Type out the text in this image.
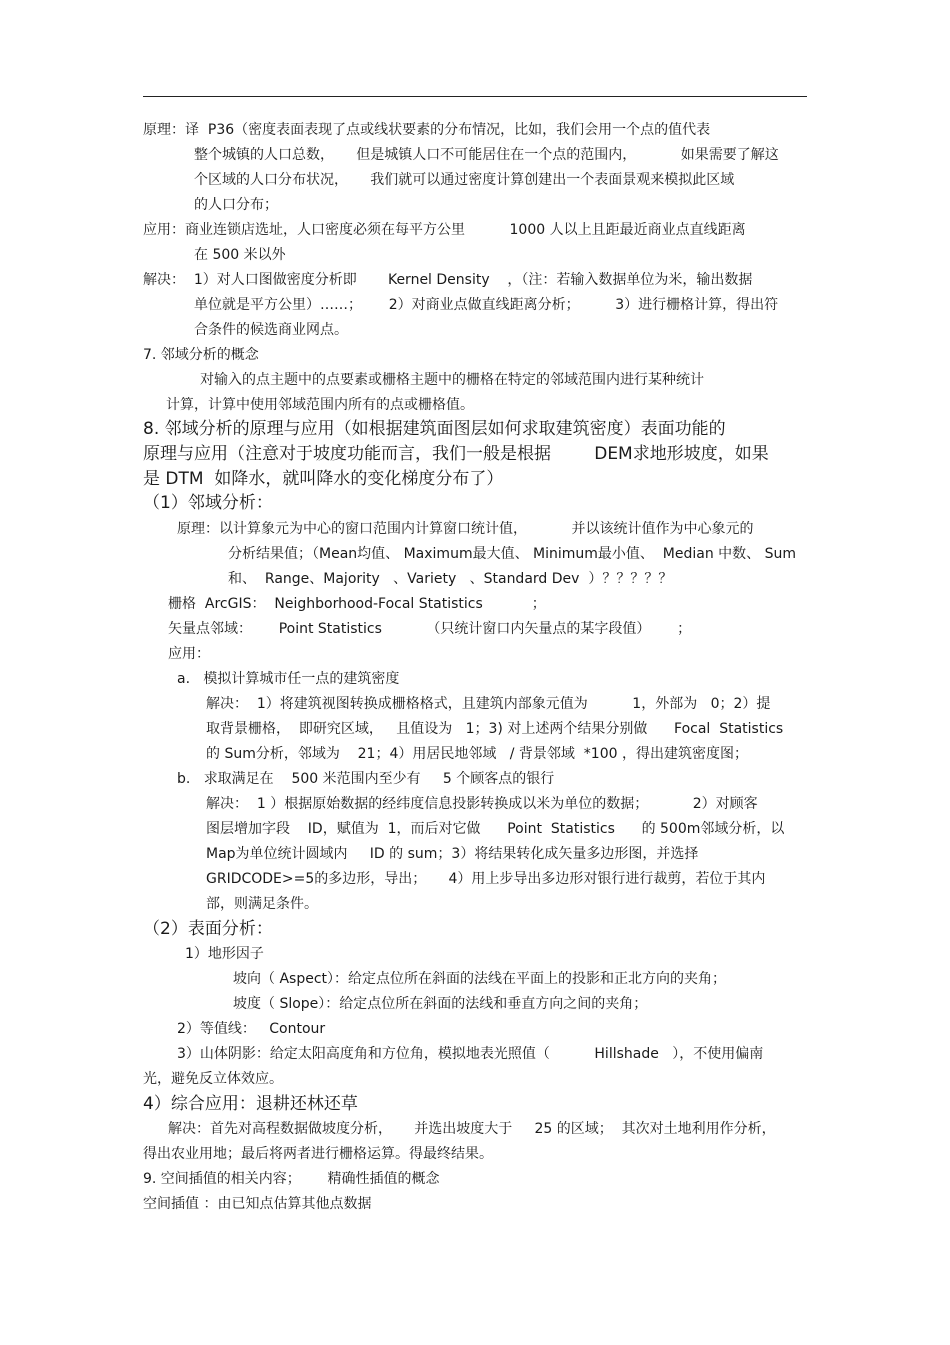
原理：译  P36（密度表面表现了点或线状要素的分布情况，比如，我们会用一个点的值代表
整个城镇的人口总数，     但是城镇人口不可能居住在一个点的范围内，          如果需要了解这
个区域的人口分布状况，     我们就可以通过密度计算创建出一个表面景观来模拟此区域
的人口分布；
应用：商业连锁店选址，人口密度必须在每平方公里          1000 人以上且距最近商业点直线距离
在 500 米以外
解决：  1）对人口图做密度分析即       Kernel Density    ，（注：若输入数据单位为米，输出数据
单位就是平方公里）……；      2）对商业点做直线距离分析；        3）进行栅格计算，得出符
合条件的候选商业网点。
7. 邻域分析的概念
对输入的点主题中的点要素或栅格主题中的栅格在特定的邻域范围内进行某种统计
计算，计算中使用邻域范围内所有的点或栅格值。
8. 邻域分析的原理与应用（如根据建筑面图层如何求取建筑密度）表面功能的
原理与应用（注意对于坡度功能而言，我们一般是根据        DEM求地形坡度，如果
是 DTM  如降水，就叫降水的变化梯度分布了）
（1）邻域分析：
原理：以计算象元为中心的窗口范围内计算窗口统计值，          并以该统计值作为中心象元的
分析结果值；（Mean均值、 Maximum最大值、 Minimum最小值、  Median 中数、 Sum
和、  Range、Majority   、Variety   、Standard Dev  ）？？？？？
栅格  ArcGIS：  Neighborhood-Focal Statistics           ；
矢量点邻域：      Point Statistics          （只统计窗口内矢量点的某字段值）      ；
应用：
a.   模拟计算城市任一点的建筑密度
解决：  1）将建筑视图转换成栅格格式，且建筑内部象元值为          1，外部为   0；2）提
取背景栅格，  即研究区域，   且值设为   1；3) 对上述两个结果分别做      Focal  Statistics
的 Sum分析，邻域为    21；4）用居民地邻域   / 背景邻域  *100 ，得出建筑密度图；
b.   求取满足在    500 米范围内至少有     5 个顾客点的银行
解决：  1 ）根据原始数据的经纬度信息投影转换成以米为单位的数据；          2）对顾客
图层增加字段    ID，赋值为  1，而后对它做      Point  Statistics      的 500m邻域分析，以
Map为单位统计圆域内     ID 的 sum；3）将结果转化成矢量多边形图，并选择
GRIDCODE>=5的多边形，导出；     4）用上步导出多边形对银行进行裁剪，若位于其内
部，则满足条件。
（2）表面分析：
1）地形因子
坡向（ Aspect）：给定点位所在斜面的法线在平面上的投影和正北方向的夹角；
坡度（ Slope）：给定点位所在斜面的法线和垂直方向之间的夹角；
2）等值线：   Contour
3）山体阴影：给定太阳高度角和方位角，模拟地表光照值（          Hillshade   ），不使用偏南
光，避免反立体效应。
4）综合应用：退耕还林还草
解决：首先对高程数据做坡度分析，     并选出坡度大于     25 的区域；  其次对土地利用作分析，
得出农业用地；最后将两者进行栅格运算。得最终结果。
9. 空间插值的相关内容；      精确性插值的概念
空间插值 ：由已知点估算其他点数据
